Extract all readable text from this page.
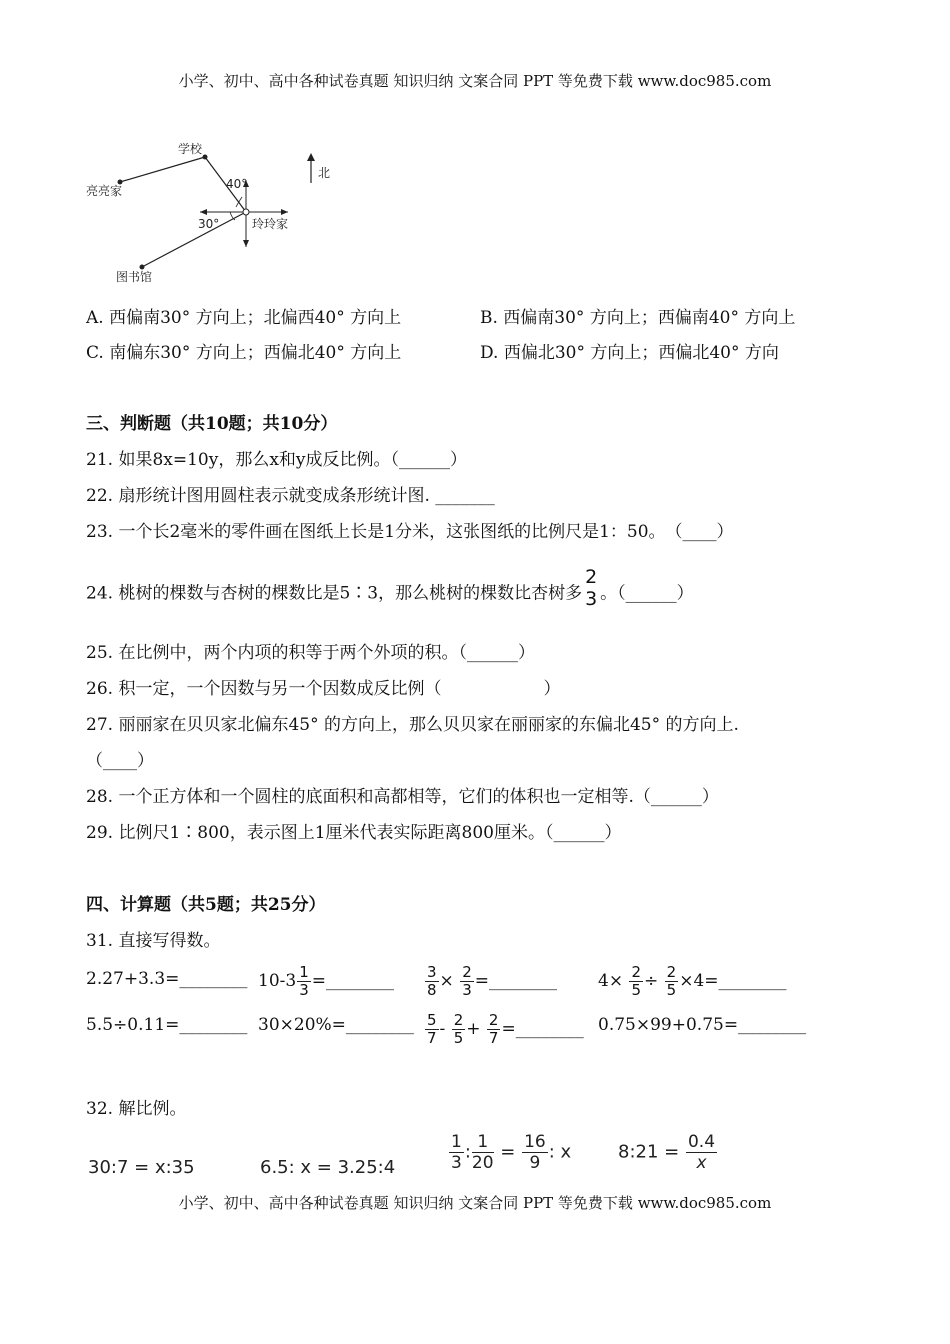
小学、初中、高中各种试卷真题 知识归纳 文案合同 PPT 等免费下载 www.doc985.com
学校
亮亮家
玲玲家
图书馆
40°
30°
北
A. 西偏南30° 方向上；北偏西40° 方向上	B. 西偏南30° 方向上；西偏南40° 方向上
C. 南偏东30° 方向上；西偏北40° 方向上	D. 西偏北30° 方向上；西偏北40° 方向
三、判断题（共10题；共10分）
21. 如果8x=10y，那么x和y成反比例。（______）
22. 扇形统计图用圆柱表示就变成条形统计图. _______
23. 一个长2毫米的零件画在图纸上长是1分米，这张图纸的比例尺是1：50。　（____）
24. 桃树的棵数与杏树的棵数比是5∶3，那么桃树的棵数比杏树多
2
3 。（______）
25. 在比例中，两个内项的积等于两个外项的积。（______）
26. 积一定，一个因数与另一个因数成反比例（　　　　　　）
27. 丽丽家在贝贝家北偏东45° 的方向上，那么贝贝家在丽丽家的东偏北45° 的方向上.
（____）
28. 一个正方体和一个圆柱的底面积和高都相等，它们的体积也一定相等.（______）
29. 比例尺1∶800，表示图上1厘米代表实际距离800厘米。（______）
四、计算题（共5题；共25分）
31. 直接写得数。
2.27+3.3=________ $10-3 \frac{1}{3}$ =________ $\frac{3}{8} \times \frac{2}{3}$ =________ $4\times \frac{2}{5} \div \frac{2}{5}$ ×4=________
5.5÷0.11=________ 30×20%=________ $\frac{5}{7} - \frac{2}{5} + \frac{2}{7}$ =________ 0.75×99+0.75=________
32. 解比例。
30:7 = x:35	6.5: x = 3.25:4	$\frac{1}{3}$ : $\frac{1}{20} = \frac{16}{9}$ : x	8:21 = $\frac{0.4}{x}$
小学、初中、高中各种试卷真题 知识归纳 文案合同 PPT 等免费下载 www.doc985.com
